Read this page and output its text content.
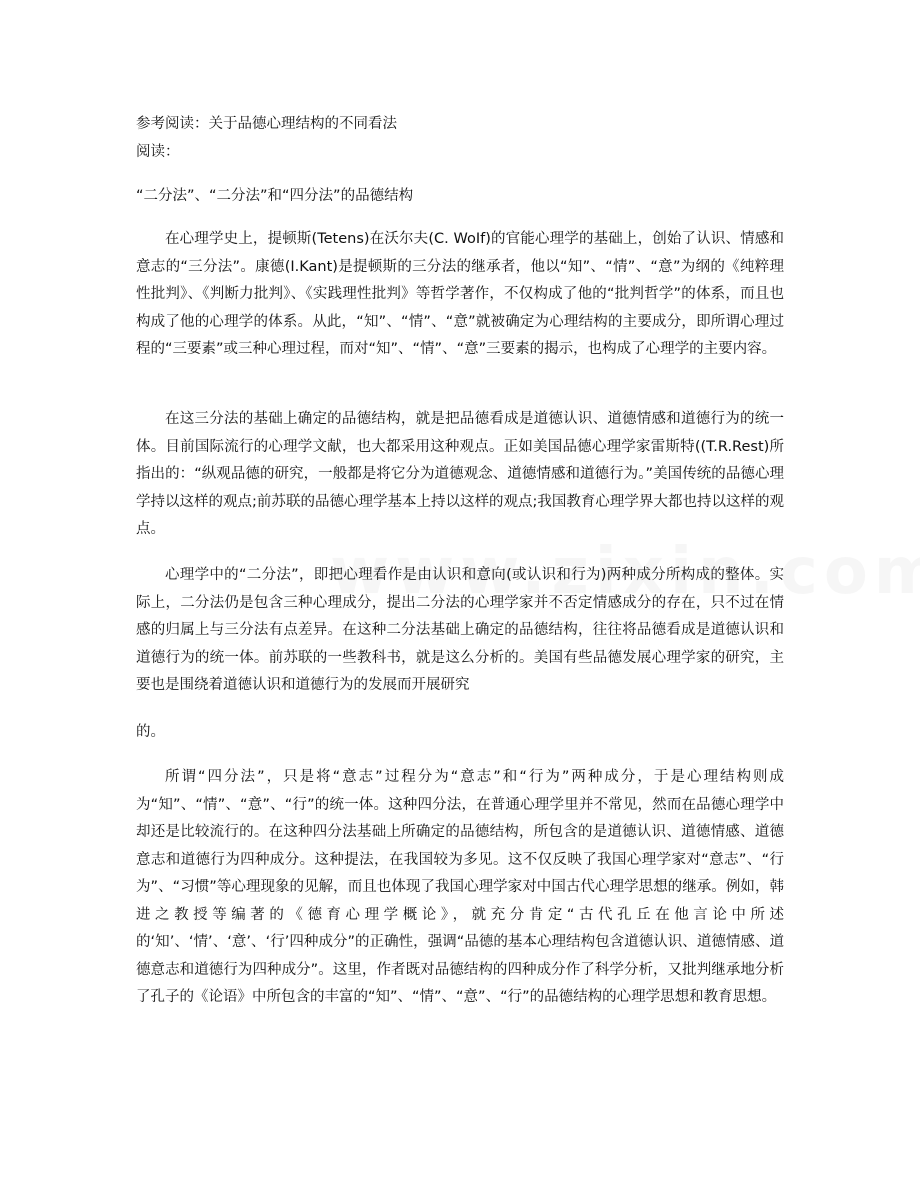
参考阅读：关于品德心理结构的不同看法

阅读：

“二分法”、“二分法”和“四分法”的品德结构

在心理学史上，提顿斯(Tetens)在沃尔夫(C. WoIf)的官能心理学的基础上，创始了认识、情感和意志的“三分法”。康德(I.Kant)是提顿斯的三分法的继承者，他以“知”、“情”、“意”为纲的《纯粹理性批判》、《判断力批判》、《实践理性批判》等哲学著作，不仅构成了他的“批判哲学”的体系，而且也构成了他的心理学的体系。从此，“知”、“情”、“意”就被确定为心理结构的主要成分，即所谓心理过程的“三要素”或三种心理过程，而对“知”、“情”、“意”三要素的揭示，也构成了心理学的主要内容。

在这三分法的基础上确定的品德结构，就是把品德看成是道德认识、道德情感和道德行为的统一体。目前国际流行的心理学文献，也大都采用这种观点。正如美国品德心理学家雷斯特((T.R.Rest)所指出的：“纵观品德的研究，一般都是将它分为道德观念、道德情感和道德行为。”美国传统的品德心理学持以这样的观点;前苏联的品德心理学基本上持以这样的观点;我国教育心理学界大都也持以这样的观点。

心理学中的“二分法”，即把心理看作是由认识和意向(或认识和行为)两种成分所构成的整体。实际上，二分法仍是包含三种心理成分，提出二分法的心理学家并不否定情感成分的存在，只不过在情感的归属上与三分法有点差异。在这种二分法基础上确定的品德结构，往往将品德看成是道德认识和道德行为的统一体。前苏联的一些教科书，就是这么分析的。美国有些品德发展心理学家的研究，主要也是围绕着道德认识和道德行为的发展而开展研究

的。

所谓“四分法”，只是将“意志”过程分为“意志”和“行为”两种成分，于是心理结构则成为“知”、“情”、“意”、“行”的统一体。这种四分法，在普通心理学里并不常见，然而在品德心理学中却还是比较流行的。在这种四分法基础上所确定的品德结构，所包含的是道德认识、道德情感、道德意志和道德行为四种成分。这种提法，在我国较为多见。这不仅反映了我国心理学家对“意志”、“行为”、“习惯”等心理现象的见解，而且也体现了我国心理学家对中国古代心理学思想的继承。例如，韩进之教授等编著的《德育心理学概论》，就充分肯定“古代孔丘在他言论中所述的‘知’、‘情’、‘意’、‘行’四种成分”的正确性，强调“品德的基本心理结构包含道德认识、道德情感、道德意志和道德行为四种成分”。这里，作者既对品德结构的四种成分作了科学分析，又批判继承地分析了孔子的《论语》中所包含的丰富的“知”、“情”、“意”、“行”的品德结构的心理学思想和教育思想。
